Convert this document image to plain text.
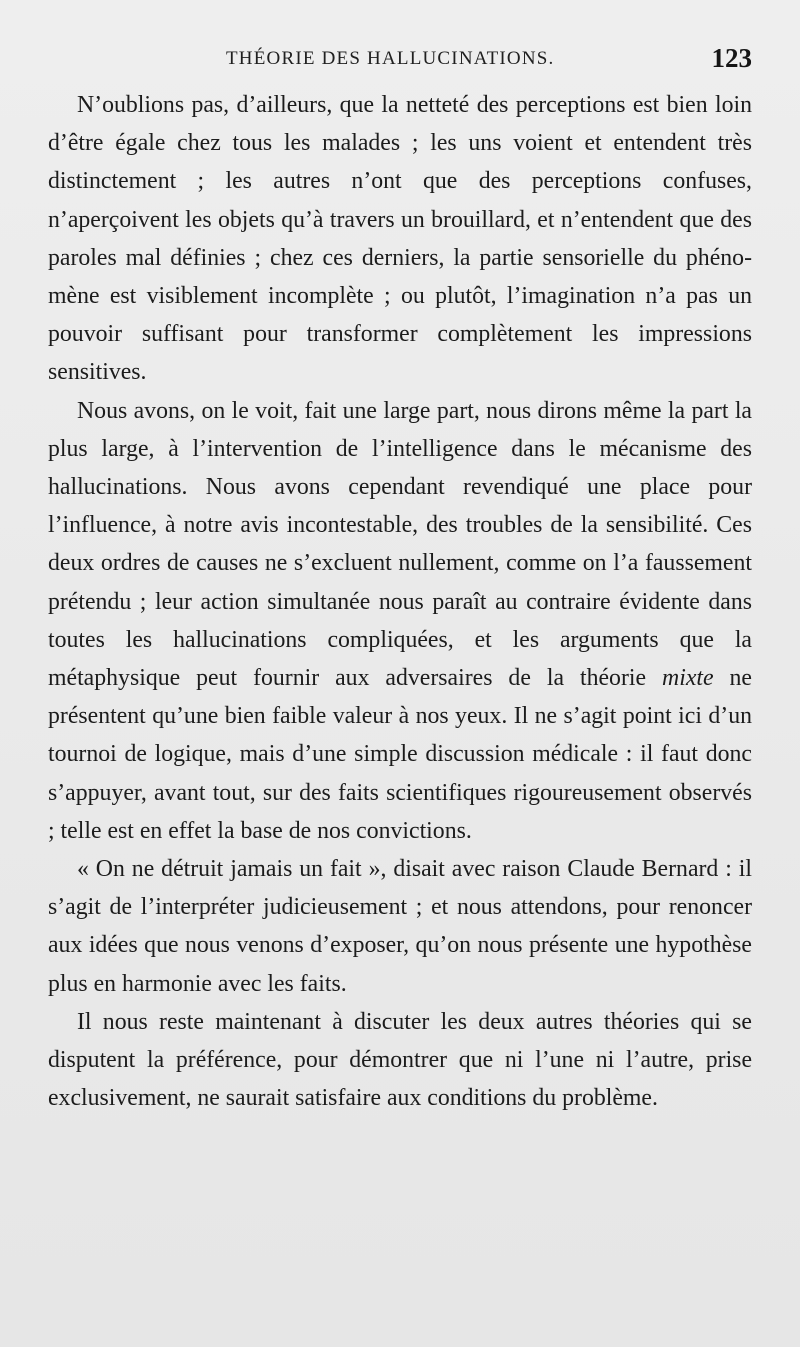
THÉORIE DES HALLUCINATIONS.	123

N’oublions pas, d’ailleurs, que la netteté des perceptions est bien loin d’être égale chez tous les malades ; les uns voient et entendent très distinctement ; les autres n’ont que des perceptions confuses, n’aperçoivent les objets qu’à travers un brouillard, et n’entendent que des paroles mal définies ; chez ces derniers, la partie sensorielle du phénomène est visiblement incomplète ; ou plutôt, l’imagination n’a pas un pouvoir suffisant pour transformer complètement les impressions sensitives.

Nous avons, on le voit, fait une large part, nous dirons même la part la plus large, à l’intervention de l’intelligence dans le mécanisme des hallucinations. Nous avons cependant revendiqué une place pour l’influence, à notre avis incontestable, des troubles de la sensibilité. Ces deux ordres de causes ne s’excluent nullement, comme on l’a faussement prétendu ; leur action simultanée nous paraît au contraire évidente dans toutes les hallucinations compliquées, et les arguments que la métaphysique peut fournir aux adversaires de la théorie mixte ne présentent qu’une bien faible valeur à nos yeux. Il ne s’agit point ici d’un tournoi de logique, mais d’une simple discussion médicale : il faut donc s’appuyer, avant tout, sur des faits scientifiques rigoureusement observés ; telle est en effet la base de nos convictions.

« On ne détruit jamais un fait », disait avec raison Claude Bernard : il s’agit de l’interpréter judicieusement ; et nous attendons, pour renoncer aux idées que nous venons d’exposer, qu’on nous présente une hypothèse plus en harmonie avec les faits.

Il nous reste maintenant à discuter les deux autres théories qui se disputent la préférence, pour démontrer que ni l’une ni l’autre, prise exclusivement, ne saurait satisfaire aux conditions du problème.
